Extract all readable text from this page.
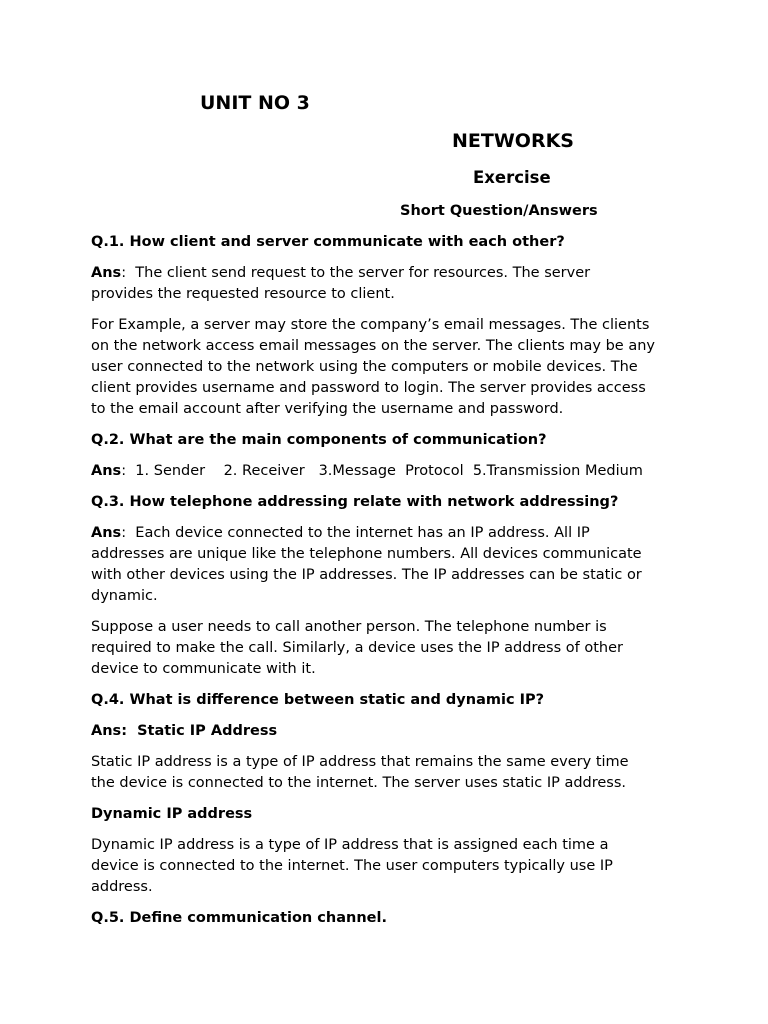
UNIT NO 3
NETWORKS
Exercise
Short Question/Answers
Q.1. How client and server communicate with each other?
Ans:  The client send request to the server for resources. The server
provides the requested resource to client.
For Example, a server may store the company’s email messages. The clients
on the network access email messages on the server. The clients may be any
user connected to the network using the computers or mobile devices. The
client provides username and password to login. The server provides access
to the email account after verifying the username and password.
Q.2. What are the main components of communication?
Ans:  1. Sender    2. Receiver   3.Message  Protocol  5.Transmission Medium
Q.3. How telephone addressing relate with network addressing?
Ans:  Each device connected to the internet has an IP address. All IP
addresses are unique like the telephone numbers. All devices communicate
with other devices using the IP addresses. The IP addresses can be static or
dynamic.
Suppose a user needs to call another person. The telephone number is
required to make the call. Similarly, a device uses the IP address of other
device to communicate with it.
Q.4. What is difference between static and dynamic IP?
Ans:  Static IP Address
Static IP address is a type of IP address that remains the same every time
the device is connected to the internet. The server uses static IP address.
Dynamic IP address
Dynamic IP address is a type of IP address that is assigned each time a
device is connected to the internet. The user computers typically use IP
address.
Q.5. Define communication channel.
